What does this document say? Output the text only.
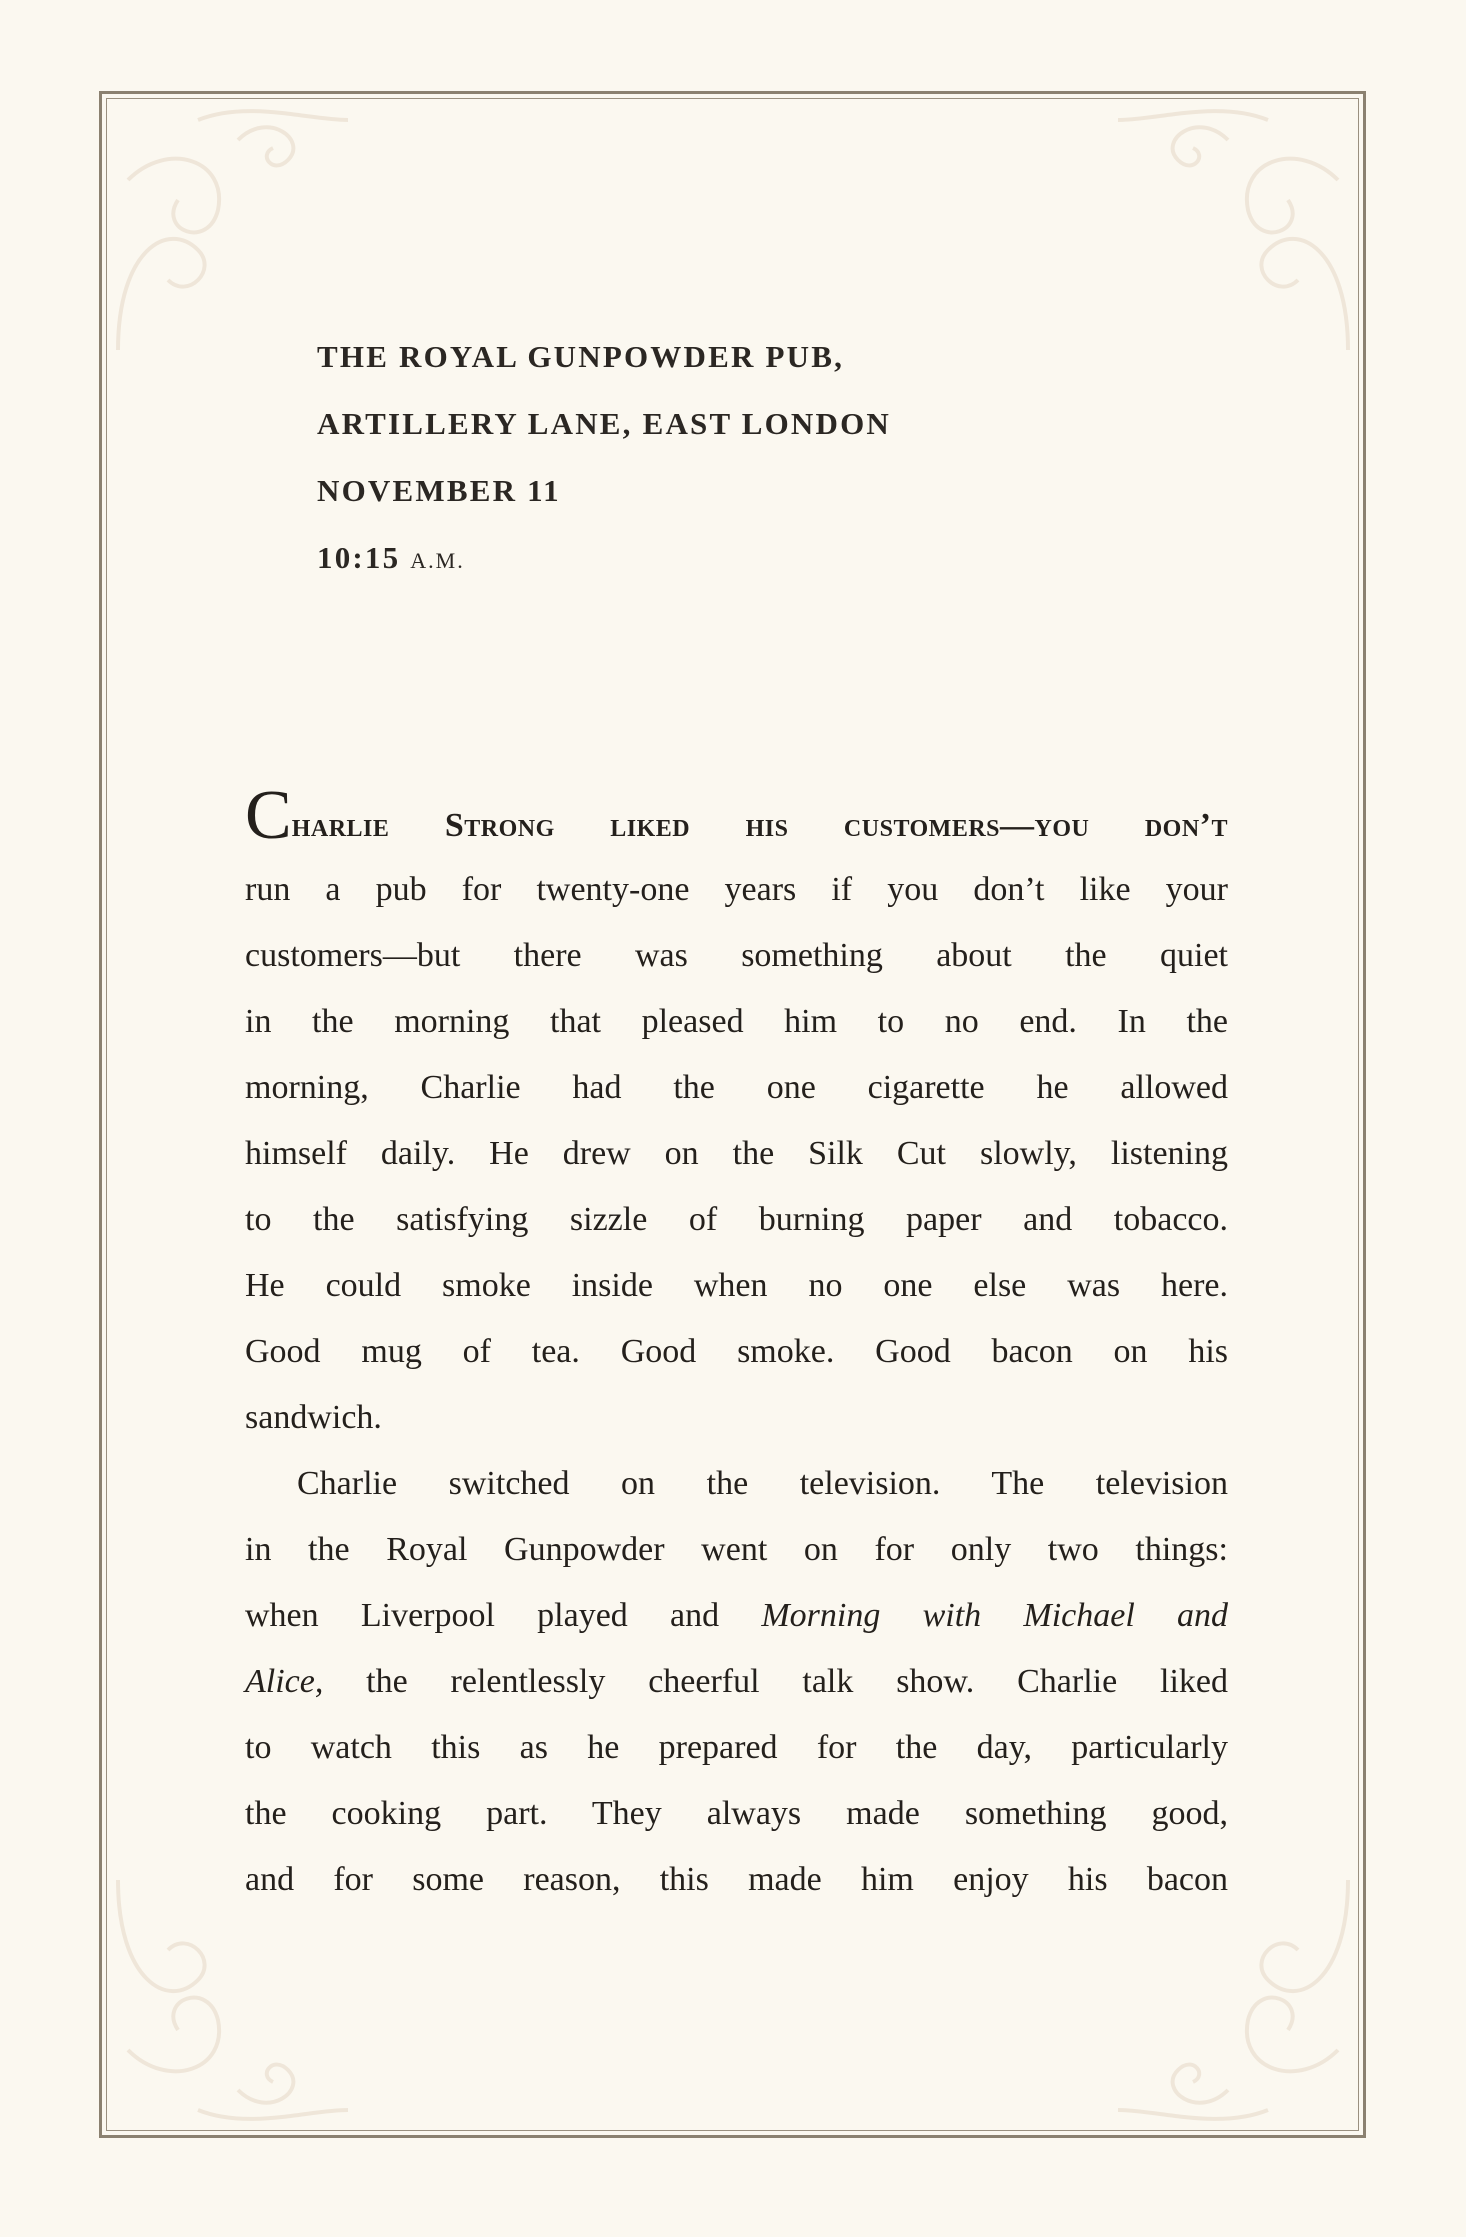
THE ROYAL GUNPOWDER PUB,
ARTILLERY LANE, EAST LONDON
NOVEMBER 11
10:15 A.M.
Charlie Strong liked his customers—you don’t
run a pub for twenty-one years if you don’t like your
customers—but there was something about the quiet
in the morning that pleased him to no end. In the
morning, Charlie had the one cigarette he allowed
himself daily. He drew on the Silk Cut slowly, listening
to the satisfying sizzle of burning paper and tobacco.
He could smoke inside when no one else was here.
Good mug of tea. Good smoke. Good bacon on his
sandwich.
Charlie switched on the television. The television
in the Royal Gunpowder went on for only two things:
when Liverpool played and Morning with Michael and
Alice, the relentlessly cheerful talk show. Charlie liked
to watch this as he prepared for the day, particularly
the cooking part. They always made something good,
and for some reason, this made him enjoy his bacon
